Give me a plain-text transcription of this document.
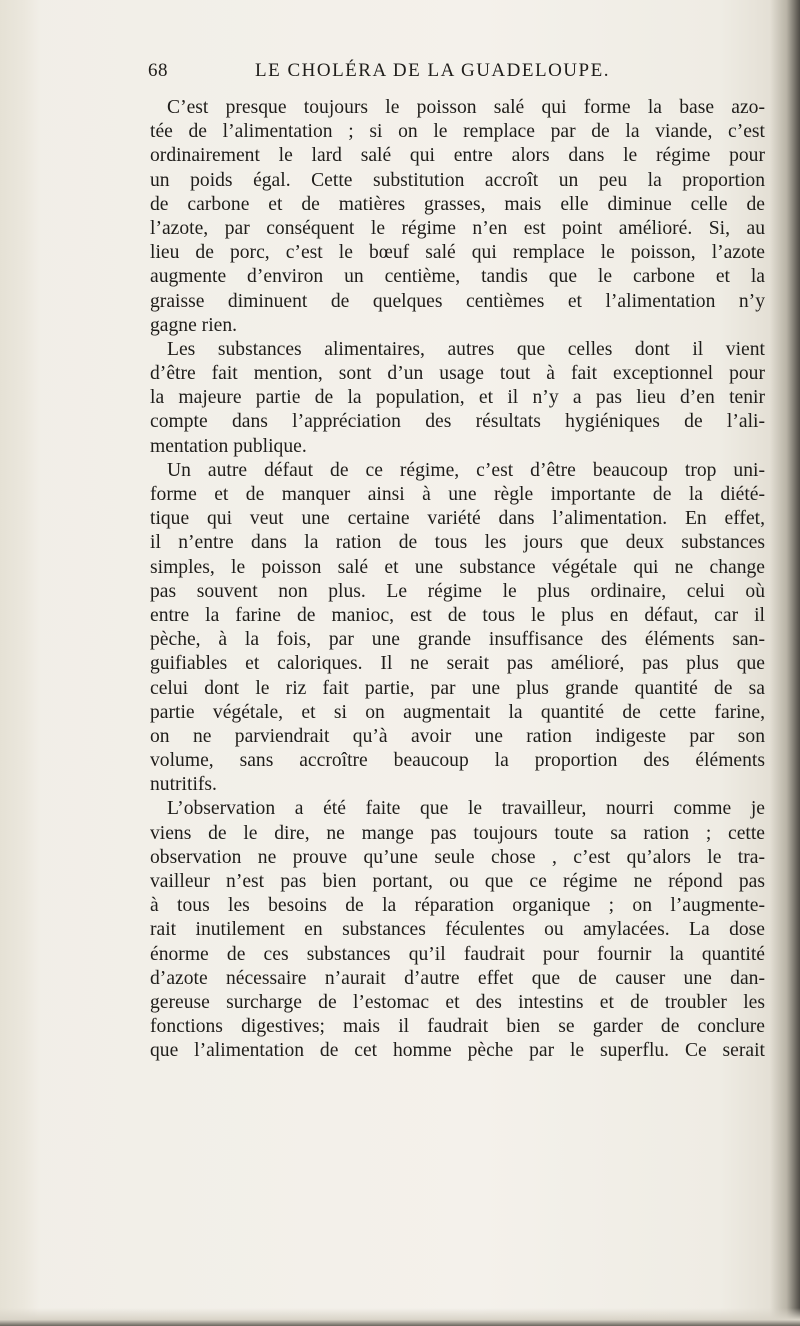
68	LE CHOLÉRA DE LA GUADELOUPE.
C’est presque toujours le poisson salé qui forme la base azo-
tée de l’alimentation ; si on le remplace par de la viande, c’est
ordinairement le lard salé qui entre alors dans le régime pour
un poids égal. Cette substitution accroît un peu la proportion
de carbone et de matières grasses, mais elle diminue celle de
l’azote, par conséquent le régime n’en est point amélioré. Si, au
lieu de porc, c’est le bœuf salé qui remplace le poisson, l’azote
augmente d’environ un centième, tandis que le carbone et la
graisse diminuent de quelques centièmes et l’alimentation n’y
gagne rien.
Les substances alimentaires, autres que celles dont il vient
d’être fait mention, sont d’un usage tout à fait exceptionnel pour
la majeure partie de la population, et il n’y a pas lieu d’en tenir
compte dans l’appréciation des résultats hygiéniques de l’ali-
mentation publique.
Un autre défaut de ce régime, c’est d’être beaucoup trop uni-
forme et de manquer ainsi à une règle importante de la diété-
tique qui veut une certaine variété dans l’alimentation. En effet,
il n’entre dans la ration de tous les jours que deux substances
simples, le poisson salé et une substance végétale qui ne change
pas souvent non plus. Le régime le plus ordinaire, celui où
entre la farine de manioc, est de tous le plus en défaut, car il
pèche, à la fois, par une grande insuffisance des éléments san-
guifiables et caloriques. Il ne serait pas amélioré, pas plus que
celui dont le riz fait partie, par une plus grande quantité de sa
partie végétale, et si on augmentait la quantité de cette farine,
on ne parviendrait qu’à avoir une ration indigeste par son
volume, sans accroître beaucoup la proportion des éléments
nutritifs.
L’observation a été faite que le travailleur, nourri comme je
viens de le dire, ne mange pas toujours toute sa ration ; cette
observation ne prouve qu’une seule chose , c’est qu’alors le tra-
vailleur n’est pas bien portant, ou que ce régime ne répond pas
à tous les besoins de la réparation organique ; on l’augmente-
rait inutilement en substances féculentes ou amylacées. La dose
énorme de ces substances qu’il faudrait pour fournir la quantité
d’azote nécessaire n’aurait d’autre effet que de causer une dan-
gereuse surcharge de l’estomac et des intestins et de troubler les
fonctions digestives; mais il faudrait bien se garder de conclure
que l’alimentation de cet homme pèche par le superflu. Ce serait
